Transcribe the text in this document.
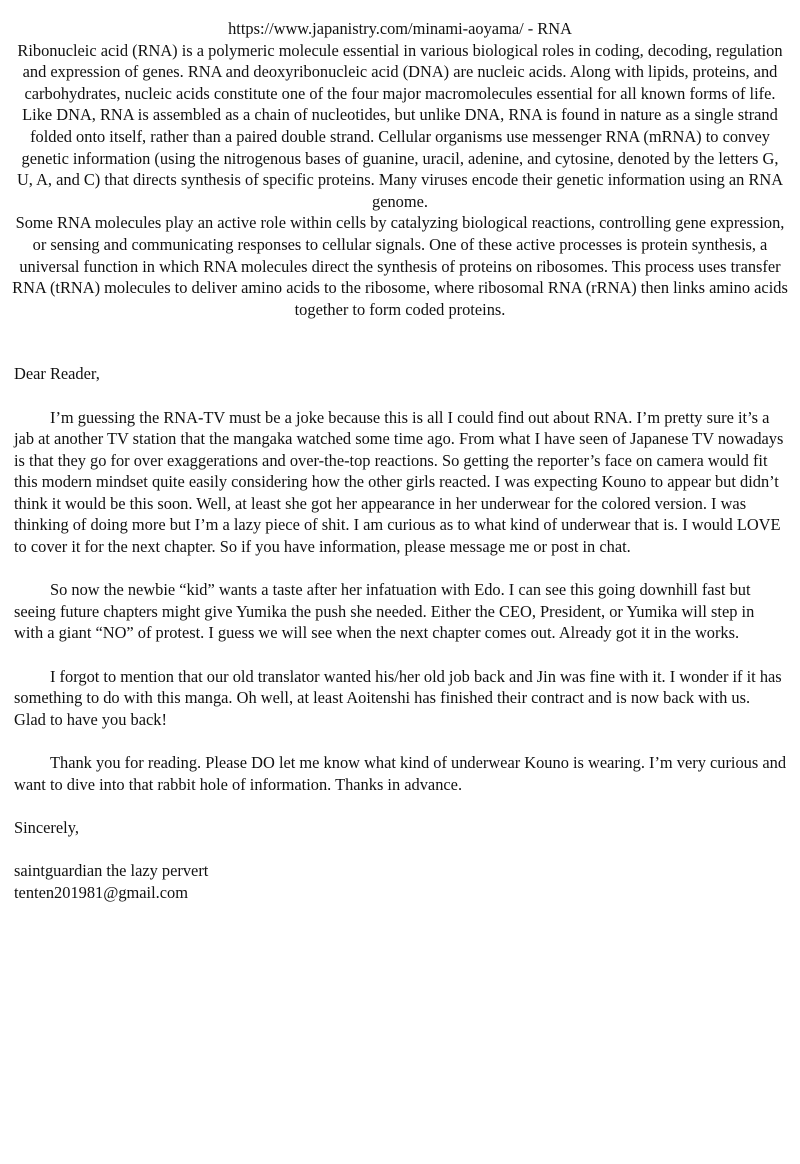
https://www.japanistry.com/minami-aoyama/ - RNA

Ribonucleic acid (RNA) is a polymeric molecule essential in various biological roles in coding, decoding, regulation and expression of genes. RNA and deoxyribonucleic acid (DNA) are nucleic acids. Along with lipids, proteins, and carbohydrates, nucleic acids constitute one of the four major macromolecules essential for all known forms of life. Like DNA, RNA is assembled as a chain of nucleotides, but unlike DNA, RNA is found in nature as a single strand folded onto itself, rather than a paired double strand. Cellular organisms use messenger RNA (mRNA) to convey genetic information (using the nitrogenous bases of guanine, uracil, adenine, and cytosine, denoted by the letters G, U, A, and C) that directs synthesis of specific proteins. Many viruses encode their genetic information using an RNA genome.

Some RNA molecules play an active role within cells by catalyzing biological reactions, controlling gene expression, or sensing and communicating responses to cellular signals. One of these active processes is protein synthesis, a universal function in which RNA molecules direct the synthesis of proteins on ribosomes. This process uses transfer RNA (tRNA) molecules to deliver amino acids to the ribosome, where ribosomal RNA (rRNA) then links amino acids together to form coded proteins.

Dear Reader,

I’m guessing the RNA-TV must be a joke because this is all I could find out about RNA. I’m pretty sure it’s a jab at another TV station that the mangaka watched some time ago. From what I have seen of Japanese TV nowadays is that they go for over exaggerations and over-the-top reactions. So getting the reporter’s face on camera would fit this modern mindset quite easily considering how the other girls reacted. I was expecting Kouno to appear but didn’t think it would be this soon. Well, at least she got her appearance in her underwear for the colored version. I was thinking of doing more but I’m a lazy piece of shit. I am curious as to what kind of underwear that is. I would LOVE to cover it for the next chapter. So if you have information, please message me or post in chat.

So now the newbie “kid” wants a taste after her infatuation with Edo. I can see this going downhill fast but seeing future chapters might give Yumika the push she needed. Either the CEO, President, or Yumika will step in with a giant “NO” of protest. I guess we will see when the next chapter comes out. Already got it in the works.

I forgot to mention that our old translator wanted his/her old job back and Jin was fine with it. I wonder if it has something to do with this manga. Oh well, at least Aoitenshi has finished their contract and is now back with us. Glad to have you back!

Thank you for reading. Please DO let me know what kind of underwear Kouno is wearing. I’m very curious and want to dive into that rabbit hole of information. Thanks in advance.

Sincerely,

saintguardian the lazy pervert
tenten201981@gmail.com
